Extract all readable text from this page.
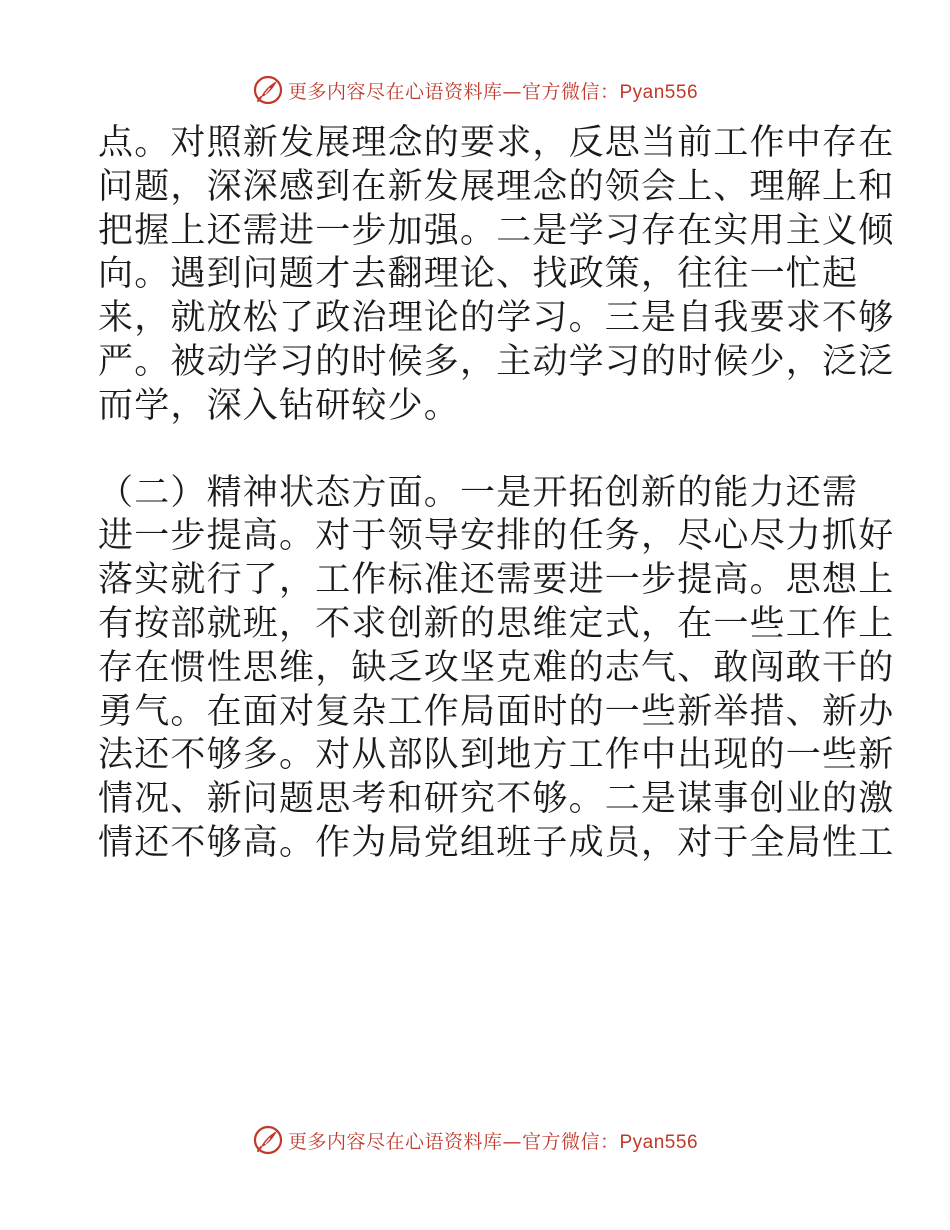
更多内容尽在心语资料库—官方微信：Pyan556
点。对照新发展理念的要求，反思当前工作中存在
问题，深深感到在新发展理念的领会上、理解上和
把握上还需进一步加强。二是学习存在实用主义倾
向。遇到问题才去翻理论、找政策，往往一忙起
来，就放松了政治理论的学习。三是自我要求不够
严。被动学习的时候多，主动学习的时候少，泛泛
而学，深入钻研较少。
（二）精神状态方面。一是开拓创新的能力还需
进一步提高。对于领导安排的任务，尽心尽力抓好
落实就行了，工作标准还需要进一步提高。思想上
有按部就班，不求创新的思维定式，在一些工作上
存在惯性思维，缺乏攻坚克难的志气、敢闯敢干的
勇气。在面对复杂工作局面时的一些新举措、新办
法还不够多。对从部队到地方工作中出现的一些新
情况、新问题思考和研究不够。二是谋事创业的激
情还不够高。作为局党组班子成员，对于全局性工
更多内容尽在心语资料库—官方微信：Pyan556
